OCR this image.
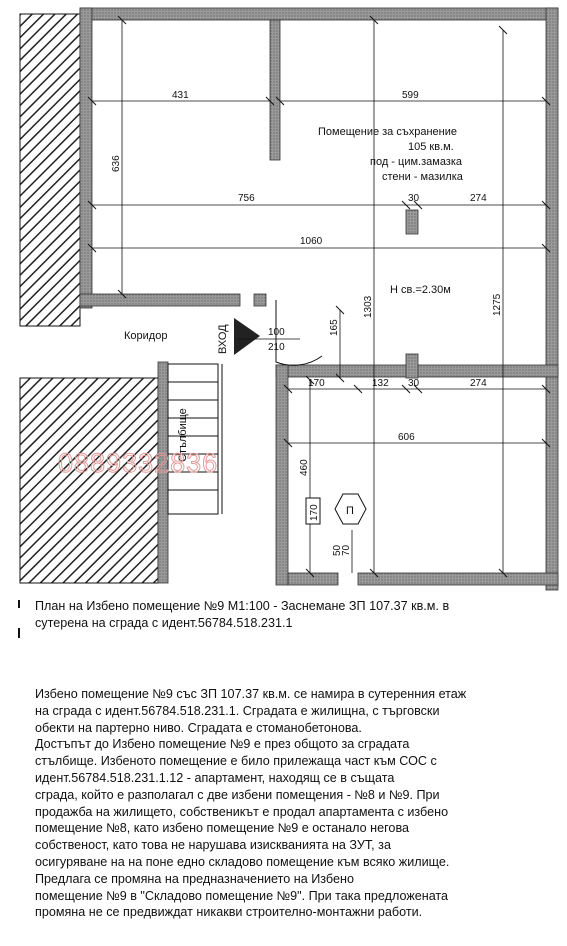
431	599
636
756	30	274
1060
1303	1275
165
100
210
170	132 30	274
606
460
70
50
170 П
Помещение за съхранение
105 кв.м.
под - цим.замазка
стени - мазилка
H св.=2.30м
Коридор	ВХОД
Стълбище
0889332836
План на Избено помещение №9 М1:100 - Заснемане ЗП 107.37 кв.м. в
сутерена на сграда с идент.56784.518.231.1

Избено помещение №9 със ЗП 107.37 кв.м. се намира в сутеренния етаж

на сграда с идент.56784.518.231.1. Сградата е жилищна, с търговски

обекти на партерно ниво. Сградата е стоманобетонова.

Достъпът до Избено помещение №9 е през общото за сградата

стълбище. Избеното помещение е било прилежаща част към СОС с

идент.56784.518.231.1.12 - апартамент, находящ се в същата

сграда, който е разполагал с две избени помещения - №8 и №9. При

продажба на жилището, собственикът е продал апартамента с избено

помещение №8, като избено помещение №9 е останало негова

собственост, като това не нарушава изискванията на ЗУТ, за

осигуряване на на поне едно складово помещение към всяко жилище.

Предлага се промяна на предназначението на Избено

помещение №9 в "Складово помещение №9". При така предложената

промяна не се предвиждат никакви строително-монтажни работи.
